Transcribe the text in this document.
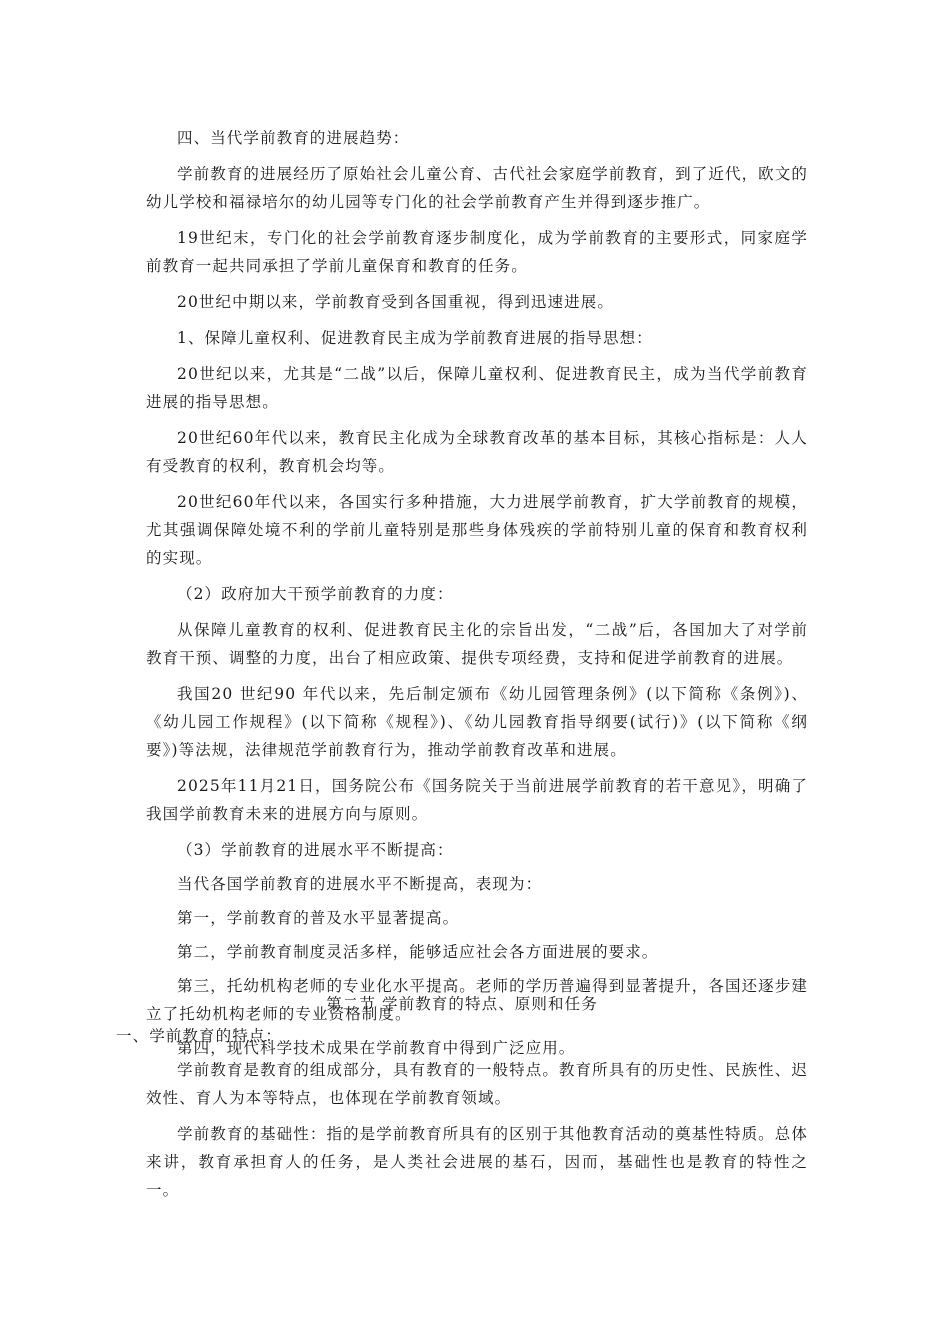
四、当代学前教育的进展趋势：

学前教育的进展经历了原始社会儿童公育、古代社会家庭学前教育，到了近代，欧文的幼儿学校和福禄培尔的幼儿园等专门化的社会学前教育产生并得到逐步推广。

19世纪末，专门化的社会学前教育逐步制度化，成为学前教育的主要形式，同家庭学前教育一起共同承担了学前儿童保育和教育的任务。

20世纪中期以来，学前教育受到各国重视，得到迅速进展。

1、保障儿童权利、促进教育民主成为学前教育进展的指导思想：

20世纪以来，尤其是“二战”以后，保障儿童权利、促进教育民主，成为当代学前教育进展的指导思想。

20世纪60年代以来，教育民主化成为全球教育改革的基本目标，其核心指标是：人人有受教育的权利，教育机会均等。

20世纪60年代以来，各国实行多种措施，大力进展学前教育，扩大学前教育的规模，尤其强调保障处境不利的学前儿童特别是那些身体残疾的学前特别儿童的保育和教育权利的实现。

（2）政府加大干预学前教育的力度：

从保障儿童教育的权利、促进教育民主化的宗旨出发，“二战”后，各国加大了对学前教育干预、调整的力度，出台了相应政策、提供专项经费，支持和促进学前教育的进展。

我国20 世纪90 年代以来，先后制定颁布《幼儿园管理条例》(以下简称《条例》)、《幼儿园工作规程》(以下简称《规程》)、《幼儿园教育指导纲要(试行)》(以下简称《纲要》)等法规，法律规范学前教育行为，推动学前教育改革和进展。

2025年11月21日，国务院公布《国务院关于当前进展学前教育的若干意见》，明确了我国学前教育未来的进展方向与原则。

（3）学前教育的进展水平不断提高：

当代各国学前教育的进展水平不断提高，表现为：

第一，学前教育的普及水平显著提高。

第二，学前教育制度灵活多样，能够适应社会各方面进展的要求。

第三，托幼机构老师的专业化水平提高。老师的学历普遍得到显著提升，各国还逐步建立了托幼机构老师的专业资格制度。

第四，现代科学技术成果在学前教育中得到广泛应用。

第二节 学前教育的特点、原则和任务

一、学前教育的特点：

学前教育是教育的组成部分，具有教育的一般特点。教育所具有的历史性、民族性、迟效性、育人为本等特点，也体现在学前教育领域。

学前教育的基础性：指的是学前教育所具有的区别于其他教育活动的奠基性特质。总体来讲，教育承担育人的任务，是人类社会进展的基石，因而，基础性也是教育的特性之一。
